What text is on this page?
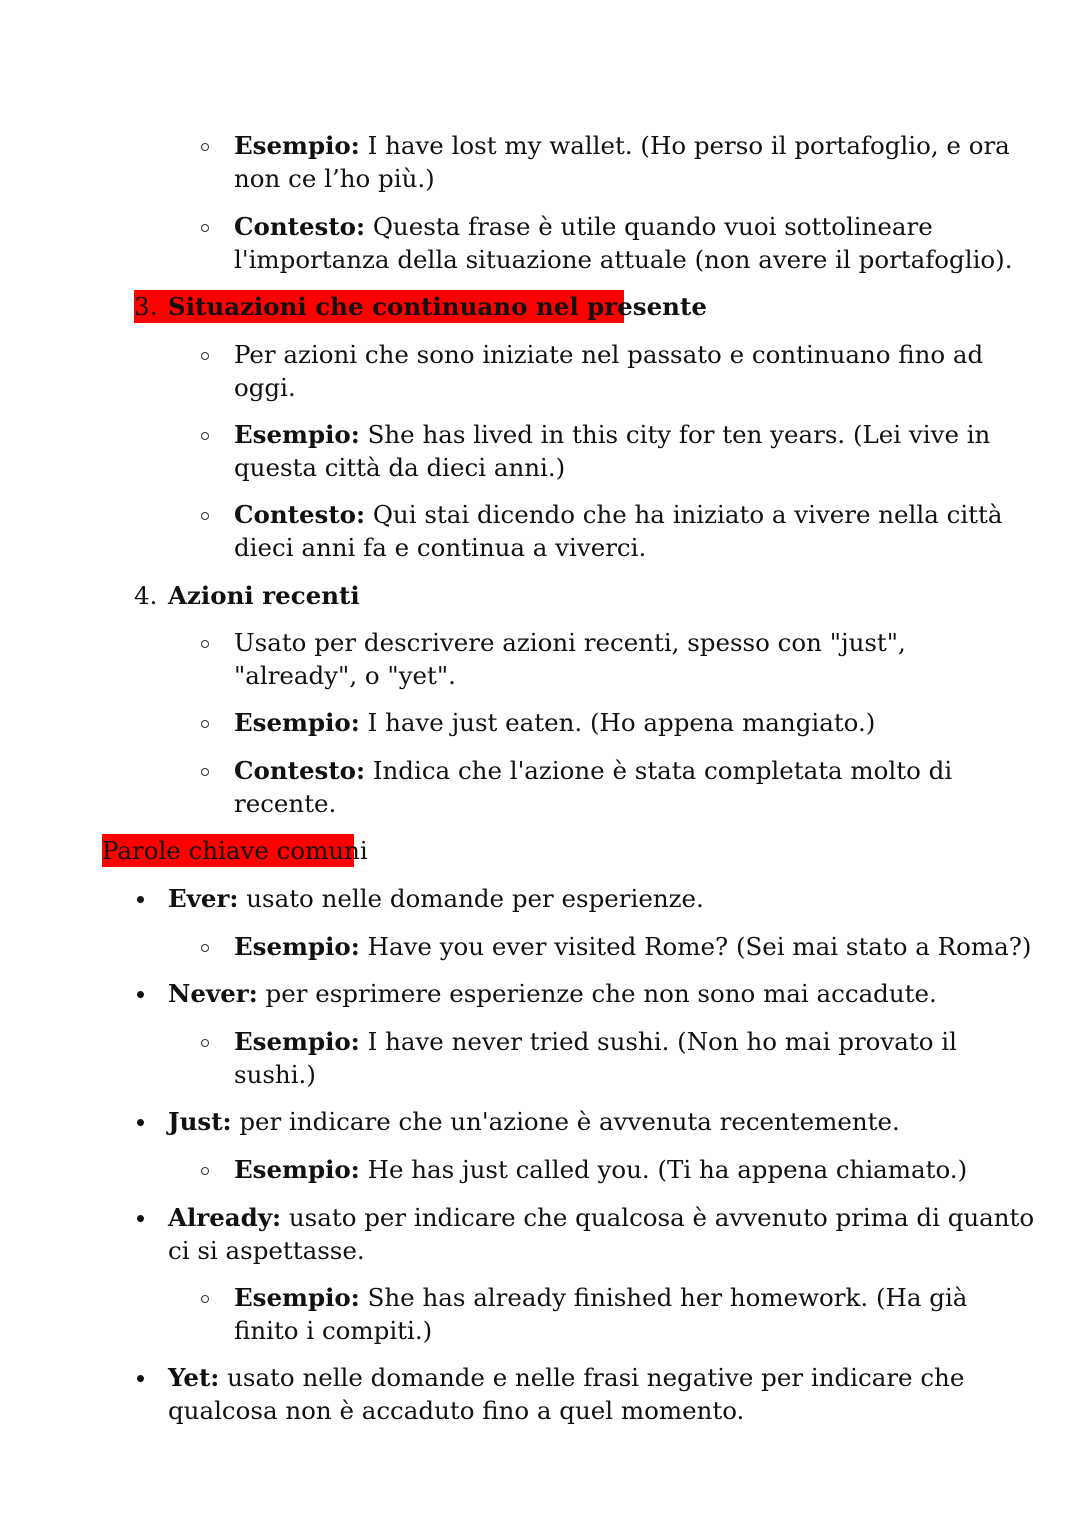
Esempio: I have lost my wallet. (Ho perso il portafoglio, e ora
non ce l’ho più.)
Contesto: Questa frase è utile quando vuoi sottolineare
l'importanza della situazione attuale (non avere il portafoglio).
3. Situazioni che continuano nel presente
Per azioni che sono iniziate nel passato e continuano fino ad
oggi.
Esempio: She has lived in this city for ten years. (Lei vive in
questa città da dieci anni.)
Contesto: Qui stai dicendo che ha iniziato a vivere nella città
dieci anni fa e continua a viverci.
4. Azioni recenti
Usato per descrivere azioni recenti, spesso con "just",
"already", o "yet".
Esempio: I have just eaten. (Ho appena mangiato.)
Contesto: Indica che l'azione è stata completata molto di
recente.
Parole chiave comuni
Ever: usato nelle domande per esperienze.
Esempio: Have you ever visited Rome? (Sei mai stato a Roma?)
Never: per esprimere esperienze che non sono mai accadute.
Esempio: I have never tried sushi. (Non ho mai provato il
sushi.)
Just: per indicare che un'azione è avvenuta recentemente.
Esempio: He has just called you. (Ti ha appena chiamato.)
Already: usato per indicare che qualcosa è avvenuto prima di quanto
ci si aspettasse.
Esempio: She has already finished her homework. (Ha già
finito i compiti.)
Yet: usato nelle domande e nelle frasi negative per indicare che
qualcosa non è accaduto fino a quel momento.
